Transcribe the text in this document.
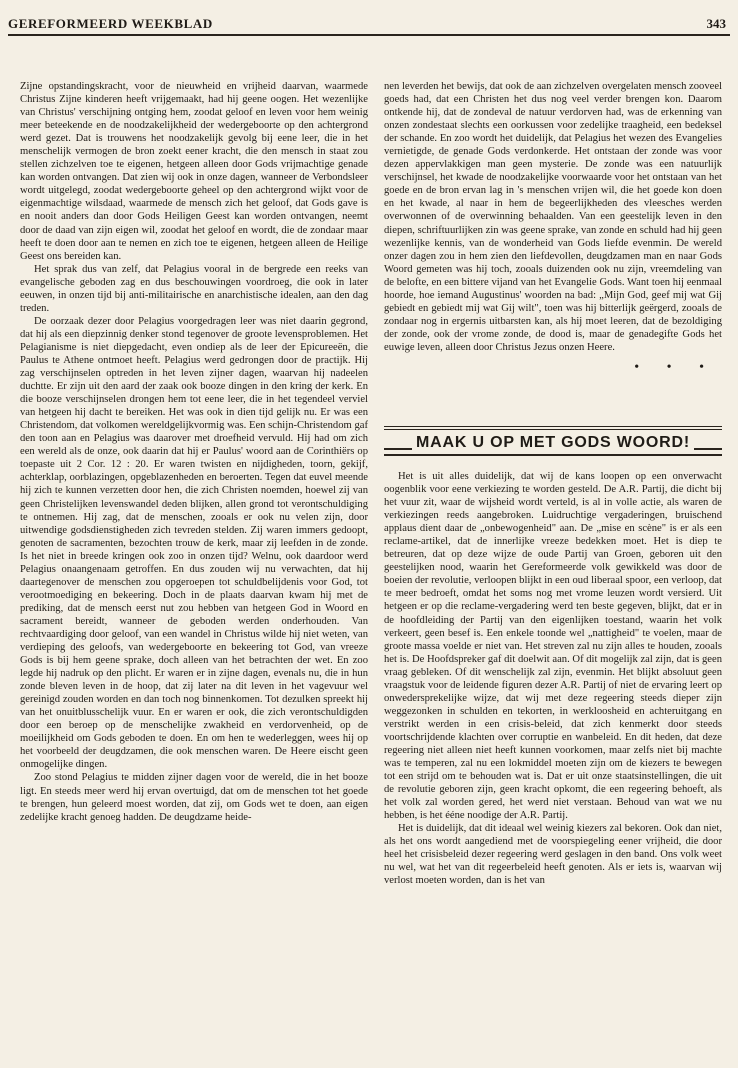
GEREFORMEERD WEEKBLAD	343

Zijne opstandingskracht, voor de nieuwheid en vrijheid daarvan, waarmede Christus Zijne kinderen heeft vrijgemaakt, had hij geene oogen. Het wezenlijke van Christus' verschijning ontging hem, zoodat geloof en leven voor hem weinig meer beteekende en de noodzakelijkheid der wedergeboorte op den achtergrond werd gezet. Dat is trouwens het noodzakelijk gevolg bij eene leer, die in het menschelijk vermogen de bron zoekt eener kracht, die den mensch in staat zou stellen zichzelven toe te eigenen, hetgeen alleen door Gods vrijmachtige genade kan worden ontvangen. Dat zien wij ook in onze dagen, wanneer de Verbondsleer wordt uitgelegd, zoodat wedergeboorte geheel op den achtergrond wijkt voor de eigenmachtige wilsdaad, waarmede de mensch zich het geloof, dat Gods gave is en nooit anders dan door Gods Heiligen Geest kan worden ontvangen, neemt door de daad van zijn eigen wil, zoodat het geloof en wordt, die de zondaar maar heeft te doen door aan te nemen en zich toe te eigenen, hetgeen alleen de Heilige Geest ons bereiden kan.

Het sprak dus van zelf, dat Pelagius vooral in de bergrede een reeks van evangelische geboden zag en dus beschouwingen voordroeg, die ook in later eeuwen, in onzen tijd bij anti-militairische en anarchistische idealen, aan den dag treden.

De oorzaak dezer door Pelagius voorgedragen leer was niet daarin gegrond, dat hij als een diepzinnig denker stond tegenover de groote levensproblemen. Het Pelagianisme is niet diepgedacht, even ondiep als de leer der Epicureeën, die Paulus te Athene ontmoet heeft. Pelagius werd gedrongen door de practijk. Hij zag verschijnselen optreden in het leven zijner dagen, waarvan hij nadeelen duchtte. Er zijn uit den aard der zaak ook booze dingen in den kring der kerk. En die booze verschijnselen drongen hem tot eene leer, die in het tegendeel verviel van hetgeen hij dacht te bereiken. Het was ook in dien tijd gelijk nu. Er was een Christendom, dat volkomen wereldgelijkvormig was. Een schijn-Christendom gaf den toon aan en Pelagius was daarover met droefheid vervuld. Hij had om zich een wereld als de onze, ook daarin dat hij er Paulus' woord aan de Corinthiërs op toepaste uit 2 Cor. 12 : 20. Er waren twisten en nijdigheden, toorn, gekijf, achterklap, oorblazingen, opgeblazenheden en beroerten. Tegen dat euvel meende hij zich te kunnen verzetten door hen, die zich Christen noemden, hoewel zij van geen Christelijken levenswandel deden blijken, allen grond tot verontschuldiging te ontnemen. Hij zag, dat de menschen, zooals er ook nu velen zijn, door uitwendige godsdienstigheden zich tevreden stelden. Zij waren immers gedoopt, genoten de sacramenten, bezochten trouw de kerk, maar zij leefden in de zonde. Is het niet in breede kringen ook zoo in onzen tijd? Welnu, ook daardoor werd Pelagius onaangenaam getroffen. En dus zouden wij nu verwachten, dat hij daartegenover de menschen zou opgeroepen tot schuldbelijdenis voor God, tot verootmoediging en bekeering. Doch in de plaats daarvan kwam hij met de prediking, dat de mensch eerst nut zou hebben van hetgeen God in Woord en sacrament bereidt, wanneer de geboden werden onderhouden. Van rechtvaardiging door geloof, van een wandel in Christus wilde hij niet weten, van verdieping des geloofs, van wedergeboorte en bekeering tot God, van vreeze Gods is bij hem geene sprake, doch alleen van het betrachten der wet. En zoo legde hij nadruk op den plicht. Er waren er in zijne dagen, evenals nu, die in hun zonde bleven leven in de hoop, dat zij later na dit leven in het vagevuur wel gereinigd zouden worden en dan toch nog binnenkomen. Tot dezulken spreekt hij van het onuitblusschelijk vuur. En er waren er ook, die zich verontschuldigden door een beroep op de menschelijke zwakheid en verdorvenheid, op de moeilijkheid om Gods geboden te doen. En om hen te wederleggen, wees hij op het voorbeeld der deugdzamen, die ook menschen waren. De Heere eischt geen onmogelijke dingen.

Zoo stond Pelagius te midden zijner dagen voor de wereld, die in het booze ligt. En steeds meer werd hij ervan overtuigd, dat om de menschen tot het goede te brengen, hun geleerd moest worden, dat zij, om Gods wet te doen, aan eigen zedelijke kracht genoeg hadden. De deugdzame heide-

nen leverden het bewijs, dat ook de aan zichzelven overgelaten mensch zooveel goeds had, dat een Christen het dus nog veel verder brengen kon. Daarom ontkende hij, dat de zondeval de natuur verdorven had, was de erkenning van onzen zondestaat slechts een oorkussen voor zedelijke traagheid, een bedeksel der schande. En zoo wordt het duidelijk, dat Pelagius het wezen des Evangelies vernietigde, de genade Gods verdonkerde. Het ontstaan der zonde was voor dezen appervlakkigen man geen mysterie. De zonde was een natuurlijk verschijnsel, het kwade de noodzakelijke voorwaarde voor het ontstaan van het goede en de bron ervan lag in 's menschen vrijen wil, die het goede kon doen en het kwade, al naar in hem de begeerlijkheden des vleesches werden overwonnen of de overwinning behaalden. Van een geestelijk leven in den diepen, schriftuurlijken zin was geene sprake, van zonde en schuld had hij geen wezenlijke kennis, van de wonderheid van Gods liefde evenmin. De wereld onzer dagen zou in hem zien den liefdevollen, deugdzamen man en naar Gods Woord gemeten was hij toch, zooals duizenden ook nu zijn, vreemdeling van de belofte, en een bittere vijand van het Evangelie Gods. Want toen hij eenmaal hoorde, hoe iemand Augustinus' woorden na bad: „Mijn God, geef mij wat Gij gebiedt en gebiedt mij wat Gij wilt", toen was hij bitterlijk geërgerd, zooals de zondaar nog in ergernis uitbarsten kan, als hij moet leeren, dat de bezoldiging der zonde, ook der vrome zonde, de dood is, maar de genadegifte Gods het euwige leven, alleen door Christus Jezus onzen Heere.

• • •
MAAK U OP MET GODS WOORD!

Het is uit alles duidelijk, dat wij de kans loopen op een onverwacht oogenblik voor eene verkiezing te worden gesteld. De A.R. Partij, die dicht bij het vuur zit, waar de wijsheid wordt verteld, is al in volle actie, als waren de verkiezingen reeds aangebroken. Luidruchtige vergaderingen, bruischend applaus dient daar de „onbewogenheid" aan. De „mise en scène" is er als een reclame-artikel, dat de innerlijke vreeze bedekken moet. Het is diep te betreuren, dat op deze wijze de oude Partij van Groen, geboren uit den geestelijken nood, waarin het Gereformeerde volk gewikkeld was door de boeien der revolutie, verloopen blijkt in een oud liberaal spoor, een verloop, dat te meer bedroeft, omdat het soms nog met vrome leuzen wordt versierd. Uit hetgeen er op die reclame-vergadering werd ten beste gegeven, blijkt, dat er in de hoofdleiding der Partij van den eigenlijken toestand, waarin het volk verkeert, geen besef is. Een enkele toonde wel „nattigheid" te voelen, maar de groote massa voelde er niet van. Het streven zal nu zijn alles te houden, zooals het is. De Hoofdspreker gaf dit doelwit aan. Of dit mogelijk zal zijn, dat is geen vraag gebleken. Of dit wenschelijk zal zijn, evenmin. Het blijkt absoluut geen vraagstuk voor de leidende figuren dezer A.R. Partij of niet de ervaring leert op onwedersprekelijke wijze, dat wij met deze regeering steeds dieper zijn weggezonken in schulden en tekorten, in werkloosheid en achteruitgang en verstrikt werden in een crisis-beleid, dat zich kenmerkt door steeds voortschrijdende klachten over corruptie en wanbeleid. En dit heden, dat deze regeering niet alleen niet heeft kunnen voorkomen, maar zelfs niet bij machte was te temperen, zal nu een lokmiddel moeten zijn om de kiezers te bewegen tot een strijd om te behouden wat is. Dat er uit onze staatsinstellingen, die uit de revolutie geboren zijn, geen kracht opkomt, die een regeering behoeft, als het volk zal worden gered, het werd niet verstaan. Behoud van wat we nu hebben, is het ééne noodige der A.R. Partij.

Het is duidelijk, dat dit ideaal wel weinig kiezers zal bekoren. Ook dan niet, als het ons wordt aangediend met de voorspiegeling eener vrijheid, die door heel het crisisbeleid dezer regeering werd geslagen in den band. Ons volk weet nu wel, wat het van dit regeerbeleid heeft genoten. Als er iets is, waarvan wij verlost moeten worden, dan is het van
